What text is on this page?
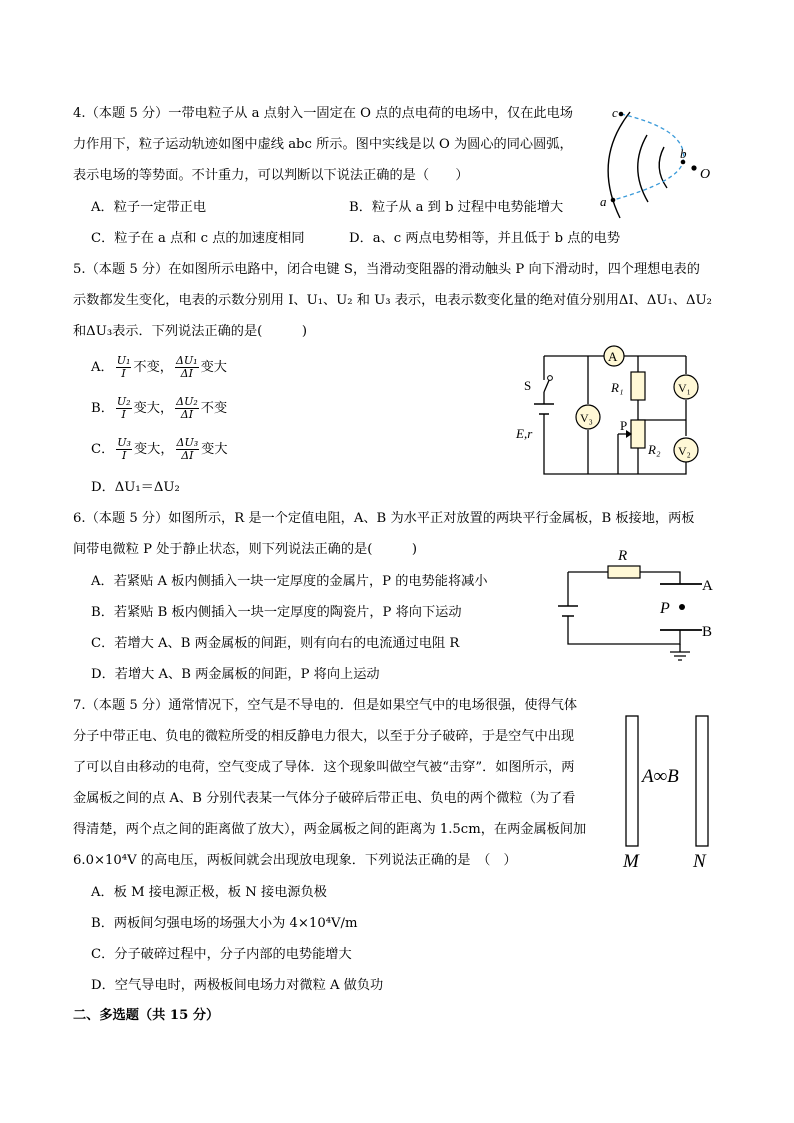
4.（本题 5 分）一带电粒子从 a 点射入一固定在 O 点的点电荷的电场中，仅在此电场
力作用下，粒子运动轨迹如图中虚线 abc 所示。图中实线是以 O 为圆心的同心圆弧，
表示电场的等势面。不计重力，可以判断以下说法正确的是（　　）
A．粒子一定带正电	B．粒子从 a 到 b 过程中电势能增大
C．粒子在 a 点和 c 点的加速度相同	D．a、c 两点电势相等，并且低于 b 点的电势
c
b
a
O
5.（本题 5 分）在如图所示电路中，闭合电键 S，当滑动变阻器的滑动触头 P 向下滑动时，四个理想电表的
示数都发生变化，电表的示数分别用 I、U₁、U₂ 和 U₃ 表示，电表示数变化量的绝对值分别用ΔI、ΔU₁、ΔU₂
和ΔU₃表示．下列说法正确的是(　　　)
A． $\frac{\text{U₁}}{I}$ 不变， $\frac{\text{ΔU₁}}{\Delta I}$ 变大
B． $\frac{\text{U₂}}{I}$ 变大， $\frac{\text{ΔU₂}}{\Delta I}$ 不变
C． $\frac{\text{U₃}}{I}$ 变大， $\frac{\text{ΔU₃}}{\Delta I}$ 变大
D．ΔU₁＝ΔU₂
A
S
E,r
V₃
R₁	V₁
P
R₂ V₂
6.（本题 5 分）如图所示，R 是一个定值电阻，A、B 为水平正对放置的两块平行金属板，B 板接地，两板
间带电微粒 P 处于静止状态，则下列说法正确的是(　　　)
A．若紧贴 A 板内侧插入一块一定厚度的金属片，P 的电势能将减小
B．若紧贴 B 板内侧插入一块一定厚度的陶瓷片，P 将向下运动
C．若增大 A、B 两金属板的间距，则有向右的电流通过电阻 R
D．若增大 A、B 两金属板的间距，P 将向上运动
R
A
P
B
7.（本题 5 分）通常情况下，空气是不导电的．但是如果空气中的电场很强，使得气体
分子中带正电、负电的微粒所受的相反静电力很大，以至于分子破碎，于是空气中出现
了可以自由移动的电荷，空气变成了导体．这个现象叫做空气被“击穿”．如图所示，两
金属板之间的点 A、B 分别代表某一气体分子破碎后带正电、负电的两个微粒（为了看
得清楚，两个点之间的距离做了放大），两金属板之间的距离为 1.5cm，在两金属板间加
6.0×10⁴V 的高电压，两板间就会出现放电现象．下列说法正确的是　（　）
A．板 M 接电源正极，板 N 接电源负极
B．两板间匀强电场的场强大小为 4×10⁴V/m
C．分子破碎过程中，分子内部的电势能增大
D．空气导电时，两极板间电场力对微粒 A 做负功
A∞B
M	N
二、多选题（共 15 分）
